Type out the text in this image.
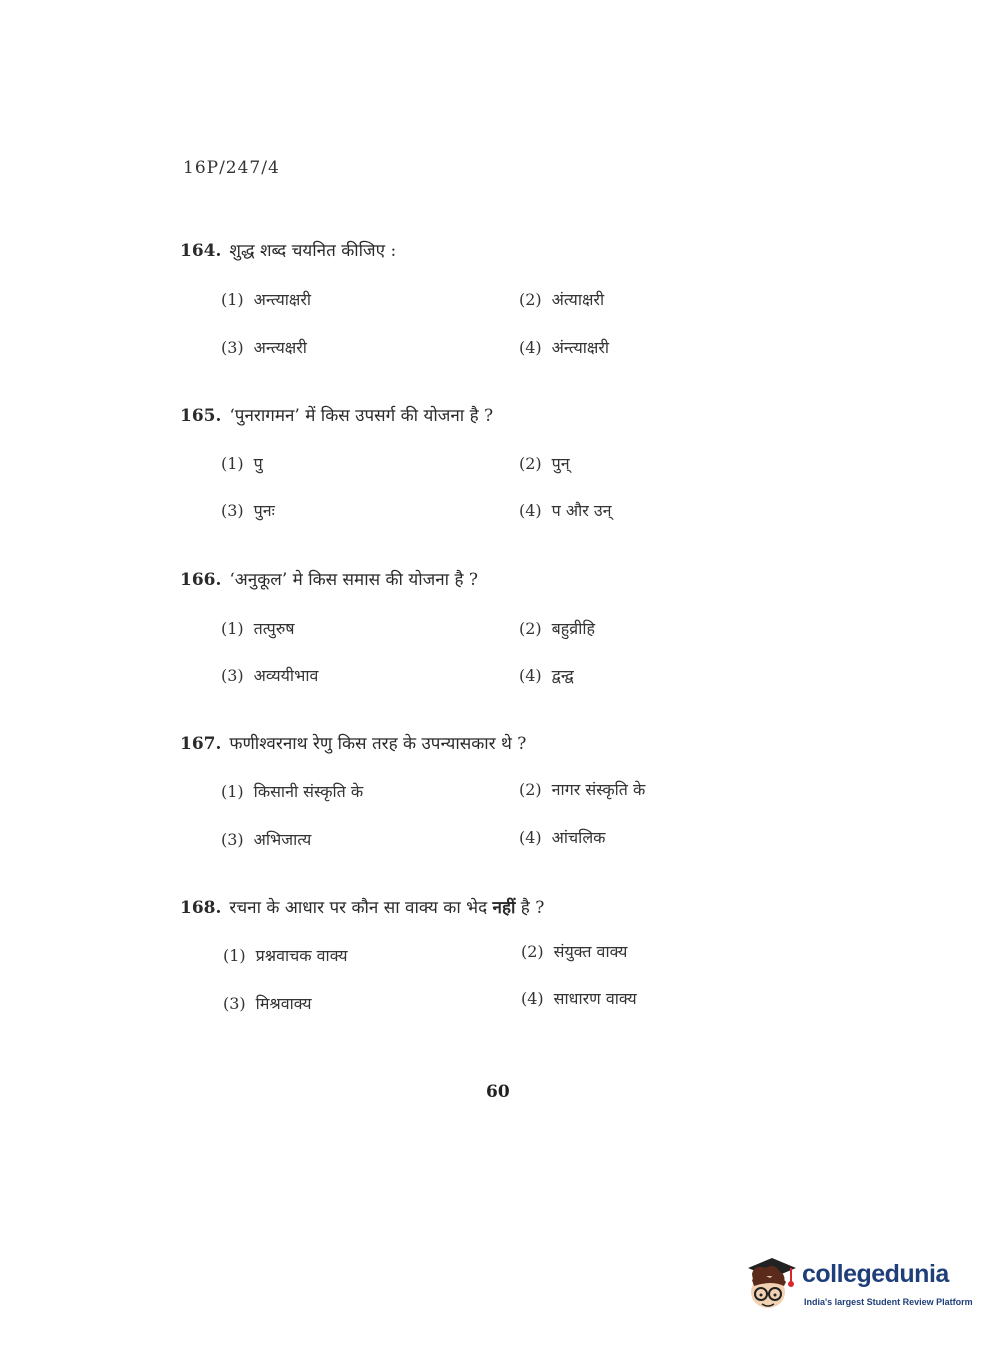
16P/247/4
164. शुद्ध शब्द चयनित कीजिए :
(1) अन्त्याक्षरी	(2) अंत्याक्षरी
(3) अन्त्यक्षरी	(4) अंन्त्याक्षरी
165. ‘पुनरागमन’ में किस उपसर्ग की योजना है ?
(1) पु	(2) पुन्
(3) पुनः	(4) प और उन्
166. ‘अनुकूल’ मे किस समास की योजना है ?
(1) तत्पुरुष	(2) बहुव्रीहि
(3) अव्ययीभाव	(4) द्वन्द्व
167. फणीश्वरनाथ रेणु किस तरह के उपन्यासकार थे ?
(1) किसानी संस्कृति के	(2) नागर संस्कृति के
(3) अभिजात्य	(4) आंचलिक
168. रचना के आधार पर कौन सा वाक्य का भेद नहीं है ?
(1) प्रश्नवाचक वाक्य	(2) संयुक्त वाक्य
(3) मिश्रवाक्य	(4) साधारण वाक्य
60
collegedunia
India's largest Student Review Platform
